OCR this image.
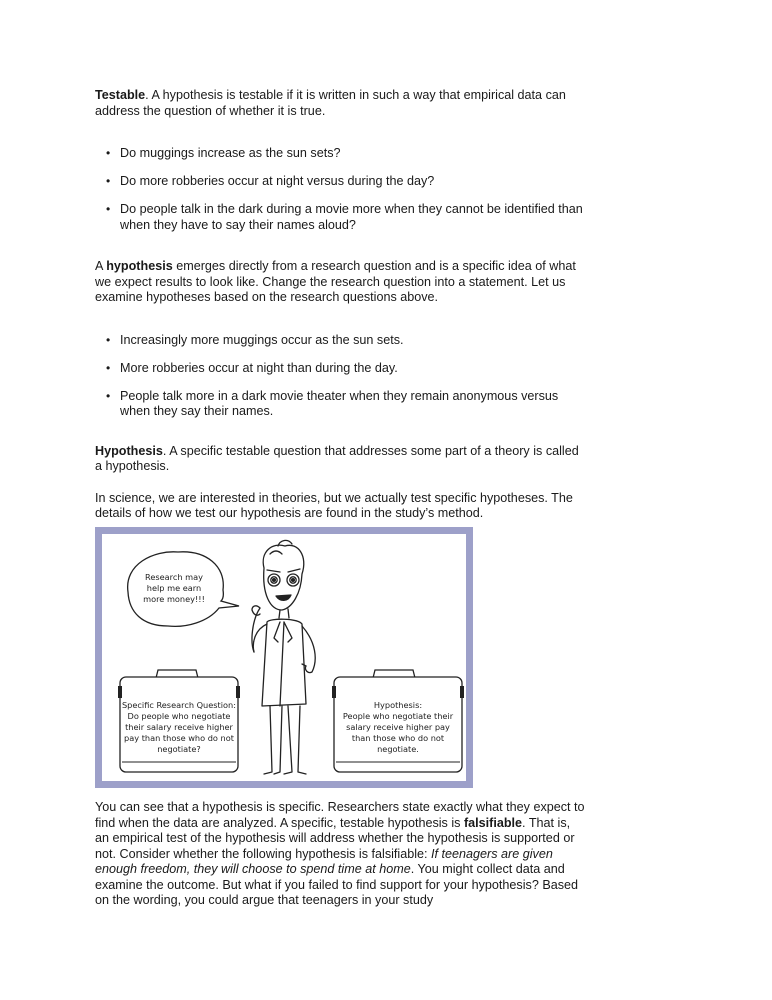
Testable. A hypothesis is testable if it is written in such a way that empirical data can address the question of whether it is true.

• Do muggings increase as the sun sets?
• Do more robberies occur at night versus during the day?
• Do people talk in the dark during a movie more when they cannot be identified than when they have to say their names aloud?

A hypothesis emerges directly from a research question and is a specific idea of what we expect results to look like. Change the research question into a statement. Let us examine hypotheses based on the research questions above.

• Increasingly more muggings occur as the sun sets.
• More robberies occur at night than during the day.
• People talk more in a dark movie theater when they remain anonymous versus when they say their names.

Hypothesis. A specific testable question that addresses some part of a theory is called a hypothesis.

In science, we are interested in theories, but we actually test specific hypotheses. The details of how we test our hypothesis are found in the study’s method.

Research may
help me earn
more money!!!
Specific Research Question:
Do people who negotiate
their salary receive higher
pay than those who do not
negotiate?
Hypothesis:
People who negotiate their
salary receive higher pay
than those who do not
negotiate.

You can see that a hypothesis is specific. Researchers state exactly what they expect to find when the data are analyzed. A specific, testable hypothesis is falsifiable. That is, an empirical test of the hypothesis will address whether the hypothesis is supported or not. Consider whether the following hypothesis is falsifiable: If teenagers are given enough freedom, they will choose to spend time at home. You might collect data and examine the outcome. But what if you failed to find support for your hypothesis? Based on the wording, you could argue that teenagers in your study
